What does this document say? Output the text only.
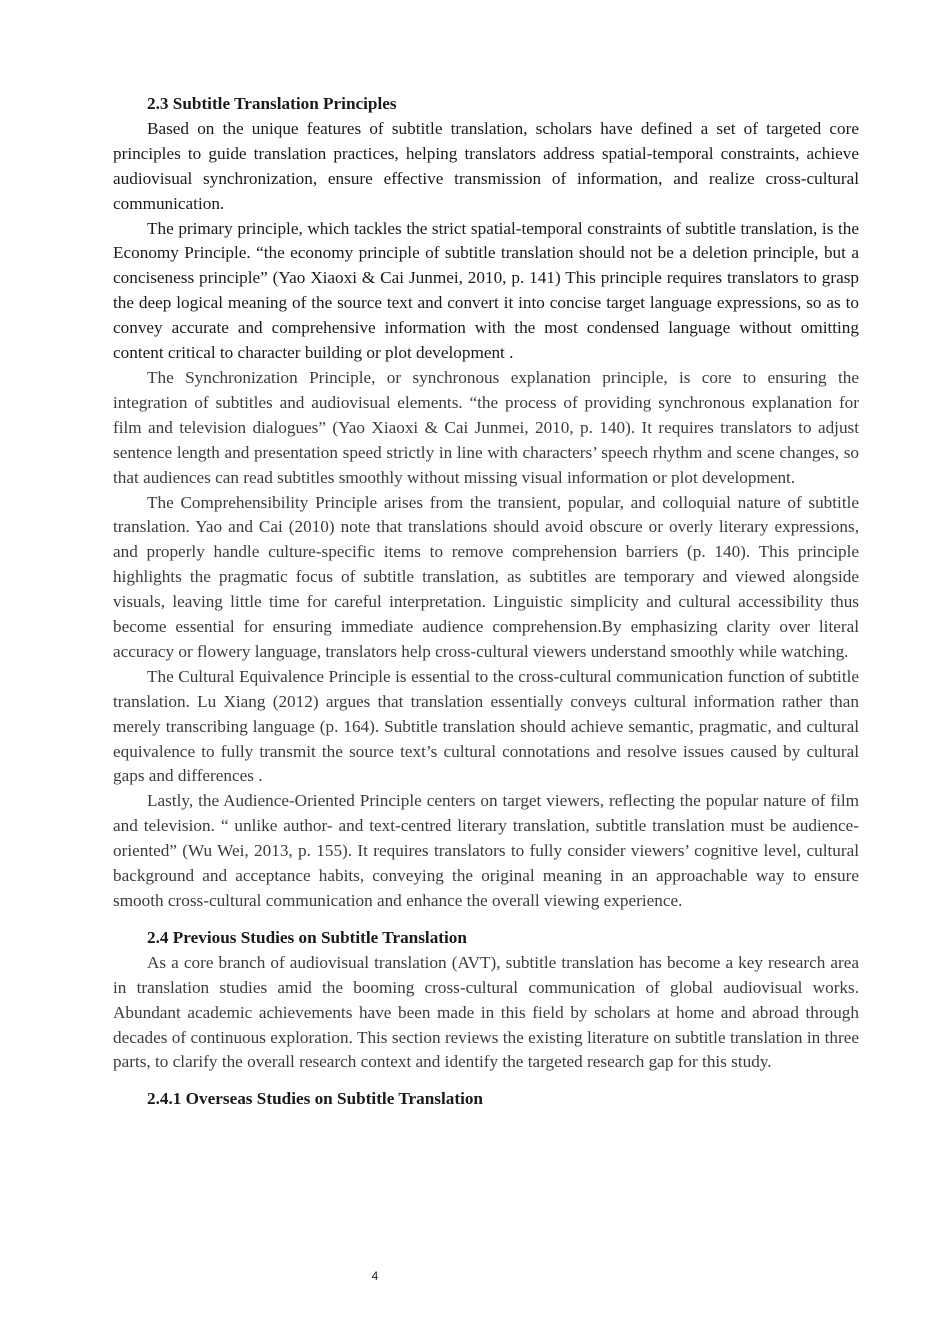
2.3 Subtitle Translation Principles

Based on the unique features of subtitle translation, scholars have defined a set of targeted core principles to guide translation practices, helping translators address spatial-temporal constraints, achieve audiovisual synchronization, ensure effective transmission of information, and realize cross-cultural communication.

The primary principle, which tackles the strict spatial-temporal constraints of subtitle translation, is the Economy Principle. “the economy principle of subtitle translation should not be a deletion principle, but a conciseness principle” (Yao Xiaoxi & Cai Junmei, 2010, p. 141) This principle requires translators to grasp the deep logical meaning of the source text and convert it into concise target language expressions, so as to convey accurate and comprehensive information with the most condensed language without omitting content critical to character building or plot development .

The Synchronization Principle, or synchronous explanation principle, is core to ensuring the integration of subtitles and audiovisual elements. “the process of providing synchronous explanation for film and television dialogues” (Yao Xiaoxi & Cai Junmei, 2010, p. 140). It requires translators to adjust sentence length and presentation speed strictly in line with characters’ speech rhythm and scene changes, so that audiences can read subtitles smoothly without missing visual information or plot development.

The Comprehensibility Principle arises from the transient, popular, and colloquial nature of subtitle translation. Yao and Cai (2010) note that translations should avoid obscure or overly literary expressions, and properly handle culture-specific items to remove comprehension barriers (p. 140). This principle highlights the pragmatic focus of subtitle translation, as subtitles are temporary and viewed alongside visuals, leaving little time for careful interpretation. Linguistic simplicity and cultural accessibility thus become essential for ensuring immediate audience comprehension.By emphasizing clarity over literal accuracy or flowery language, translators help cross-cultural viewers understand smoothly while watching.

The Cultural Equivalence Principle is essential to the cross-cultural communication function of subtitle translation. Lu Xiang (2012) argues that translation essentially conveys cultural information rather than merely transcribing language (p. 164). Subtitle translation should achieve semantic, pragmatic, and cultural equivalence to fully transmit the source text’s cultural connotations and resolve issues caused by cultural gaps and differences .

Lastly, the Audience-Oriented Principle centers on target viewers, reflecting the popular nature of film and television. “ unlike author- and text-centred literary translation, subtitle translation must be audience-oriented” (Wu Wei, 2013, p. 155). It requires translators to fully consider viewers’ cognitive level, cultural background and acceptance habits, conveying the original meaning in an approachable way to ensure smooth cross-cultural communication and enhance the overall viewing experience.

2.4 Previous Studies on Subtitle Translation

As a core branch of audiovisual translation (AVT), subtitle translation has become a key research area in translation studies amid the booming cross-cultural communication of global audiovisual works. Abundant academic achievements have been made in this field by scholars at home and abroad through decades of continuous exploration. This section reviews the existing literature on subtitle translation in three parts, to clarify the overall research context and identify the targeted research gap for this study.

2.4.1 Overseas Studies on Subtitle Translation
4
